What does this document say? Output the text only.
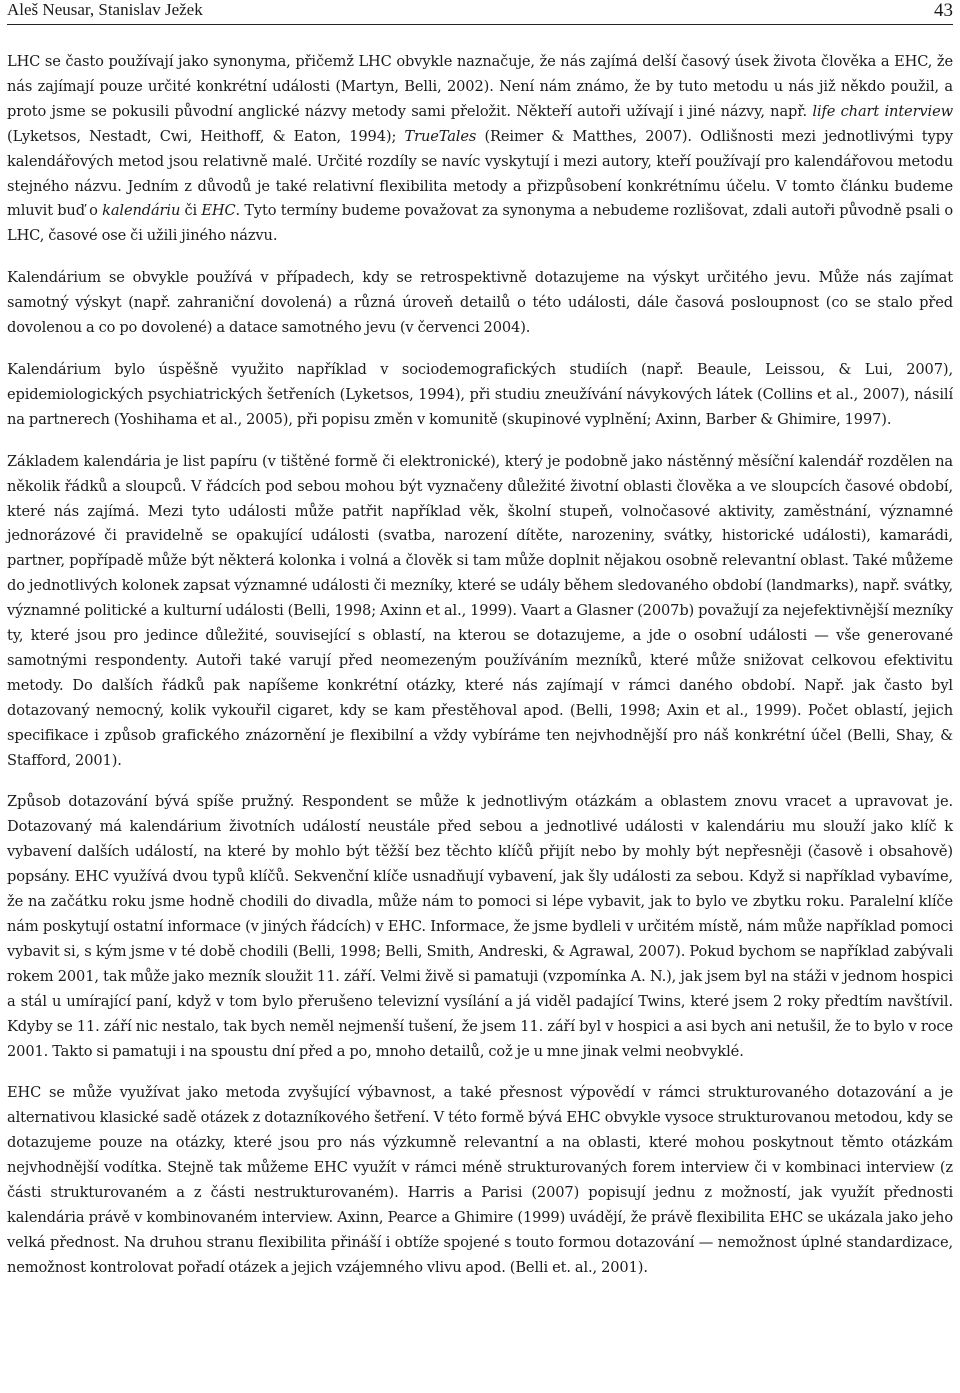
Aleš Neusar, Stanislav Ježek	43

LHC se často používají jako synonyma, přičemž LHC obvykle naznačuje, že nás zajímá delší časový úsek života člověka a EHC, že nás zajímají pouze určité konkrétní události (Martyn, Belli, 2002). Není nám známo, že by tuto metodu u nás již někdo použil, a proto jsme se pokusili původní anglické názvy metody sami přeložit. Někteří autoři užívají i jiné názvy, např. life chart interview (Lyketsos, Nestadt, Cwi, Heithoff, & Eaton, 1994); TrueTales (Reimer & Matthes, 2007). Odlišnosti mezi jednotlivými typy kalendářových metod jsou relativně malé. Určité rozdíly se navíc vyskytují i mezi autory, kteří používají pro kalendářovou metodu stejného názvu. Jedním z důvodů je také relativní flexibilita metody a přizpůsobení konkrétnímu účelu. V tomto článku budeme mluvit buď o kalendáriu či EHC. Tyto termíny budeme považovat za synonyma a nebudeme rozlišovat, zdali autoři původně psali o LHC, časové ose či užili jiného názvu.

Kalendárium se obvykle používá v případech, kdy se retrospektivně dotazujeme na výskyt určitého jevu. Může nás zajímat samotný výskyt (např. zahraniční dovolená) a různá úroveň detailů o této události, dále časová posloupnost (co se stalo před dovolenou a co po dovolené) a datace samotného jevu (v červenci 2004).

Kalendárium bylo úspěšně využito například v sociodemografických studiích (např. Beaule, Leissou, & Lui, 2007), epidemiologických psychiatrických šetřeních (Lyketsos, 1994), při studiu zneužívání návykových látek (Collins et al., 2007), násilí na partnerech (Yoshihama et al., 2005), při popisu změn v komunitě (skupinové vyplnění; Axinn, Barber & Ghimire, 1997).

Základem kalendária je list papíru (v tištěné formě či elektronické), který je podobně jako nástěnný měsíční kalendář rozdělen na několik řádků a sloupců. V řádcích pod sebou mohou být vyznačeny důležité životní oblasti člověka a ve sloupcích časové období, které nás zajímá. Mezi tyto události může patřit například věk, školní stupeň, volnočasové aktivity, zaměstnání, významné jednorázové či pravidelně se opakující události (svatba, narození dítěte, narozeniny, svátky, historické události), kamarádi, partner, popřípadě může být některá kolonka i volná a člověk si tam může doplnit nějakou osobně relevantní oblast. Také můžeme do jednotlivých kolonek zapsat významné události či mezníky, které se udály během sledovaného období (landmarks), např. svátky, významné politické a kulturní události (Belli, 1998; Axinn et al., 1999). Vaart a Glasner (2007b) považují za nejefektivnější mezníky ty, které jsou pro jedince důležité, související s oblastí, na kterou se dotazujeme, a jde o osobní události — vše generované samotnými respondenty. Autoři také varují před neomezeným používáním mezníků, které může snižovat celkovou efektivitu metody. Do dalších řádků pak napíšeme konkrétní otázky, které nás zajímají v rámci daného období. Např. jak často byl dotazovaný nemocný, kolik vykouřil cigaret, kdy se kam přestěhoval apod. (Belli, 1998; Axin et al., 1999). Počet oblastí, jejich specifikace i způsob grafického znázornění je flexibilní a vždy vybíráme ten nejvhodnější pro náš konkrétní účel (Belli, Shay, & Stafford, 2001).

Způsob dotazování bývá spíše pružný. Respondent se může k jednotlivým otázkám a oblastem znovu vracet a upravovat je. Dotazovaný má kalendárium životních událostí neustále před sebou a jednotlivé události v kalendáriu mu slouží jako klíč k vybavení dalších událostí, na které by mohlo být těžší bez těchto klíčů přijít nebo by mohly být nepřesněji (časově i obsahově) popsány. EHC využívá dvou typů klíčů. Sekvenční klíče usnadňují vybavení, jak šly události za sebou. Když si například vybavíme, že na začátku roku jsme hodně chodili do divadla, může nám to pomoci si lépe vybavit, jak to bylo ve zbytku roku. Paralelní klíče nám poskytují ostatní informace (v jiných řádcích) v EHC. Informace, že jsme bydleli v určitém místě, nám může například pomoci vybavit si, s kým jsme v té době chodili (Belli, 1998; Belli, Smith, Andreski, & Agrawal, 2007). Pokud bychom se například zabývali rokem 2001, tak může jako mezník sloužit 11. září. Velmi živě si pamatuji (vzpomínka A. N.), jak jsem byl na stáži v jednom hospici a stál u umírající paní, když v tom bylo přerušeno televizní vysílání a já viděl padající Twins, které jsem 2 roky předtím navštívil. Kdyby se 11. září nic nestalo, tak bych neměl nejmenší tušení, že jsem 11. září byl v hospici a asi bych ani netušil, že to bylo v roce 2001. Takto si pamatuji i na spoustu dní před a po, mnoho detailů, což je u mne jinak velmi neobvyklé.

EHC se může využívat jako metoda zvyšující výbavnost, a také přesnost výpovědí v rámci strukturovaného dotazování a je alternativou klasické sadě otázek z dotazníkového šetření. V této formě bývá EHC obvykle vysoce strukturovanou metodou, kdy se dotazujeme pouze na otázky, které jsou pro nás výzkumně relevantní a na oblasti, které mohou poskytnout těmto otázkám nejvhodnější vodítka. Stejně tak můžeme EHC využít v rámci méně strukturovaných forem interview či v kombinaci interview (z části strukturovaném a z části nestrukturovaném). Harris a Parisi (2007) popisují jednu z možností, jak využít přednosti kalendária právě v kombinovaném interview. Axinn, Pearce a Ghimire (1999) uvádějí, že právě flexibilita EHC se ukázala jako jeho velká přednost. Na druhou stranu flexibilita přináší i obtíže spojené s touto formou dotazování — nemožnost úplné standardizace, nemožnost kontrolovat pořadí otázek a jejich vzájemného vlivu apod. (Belli et. al., 2001).
